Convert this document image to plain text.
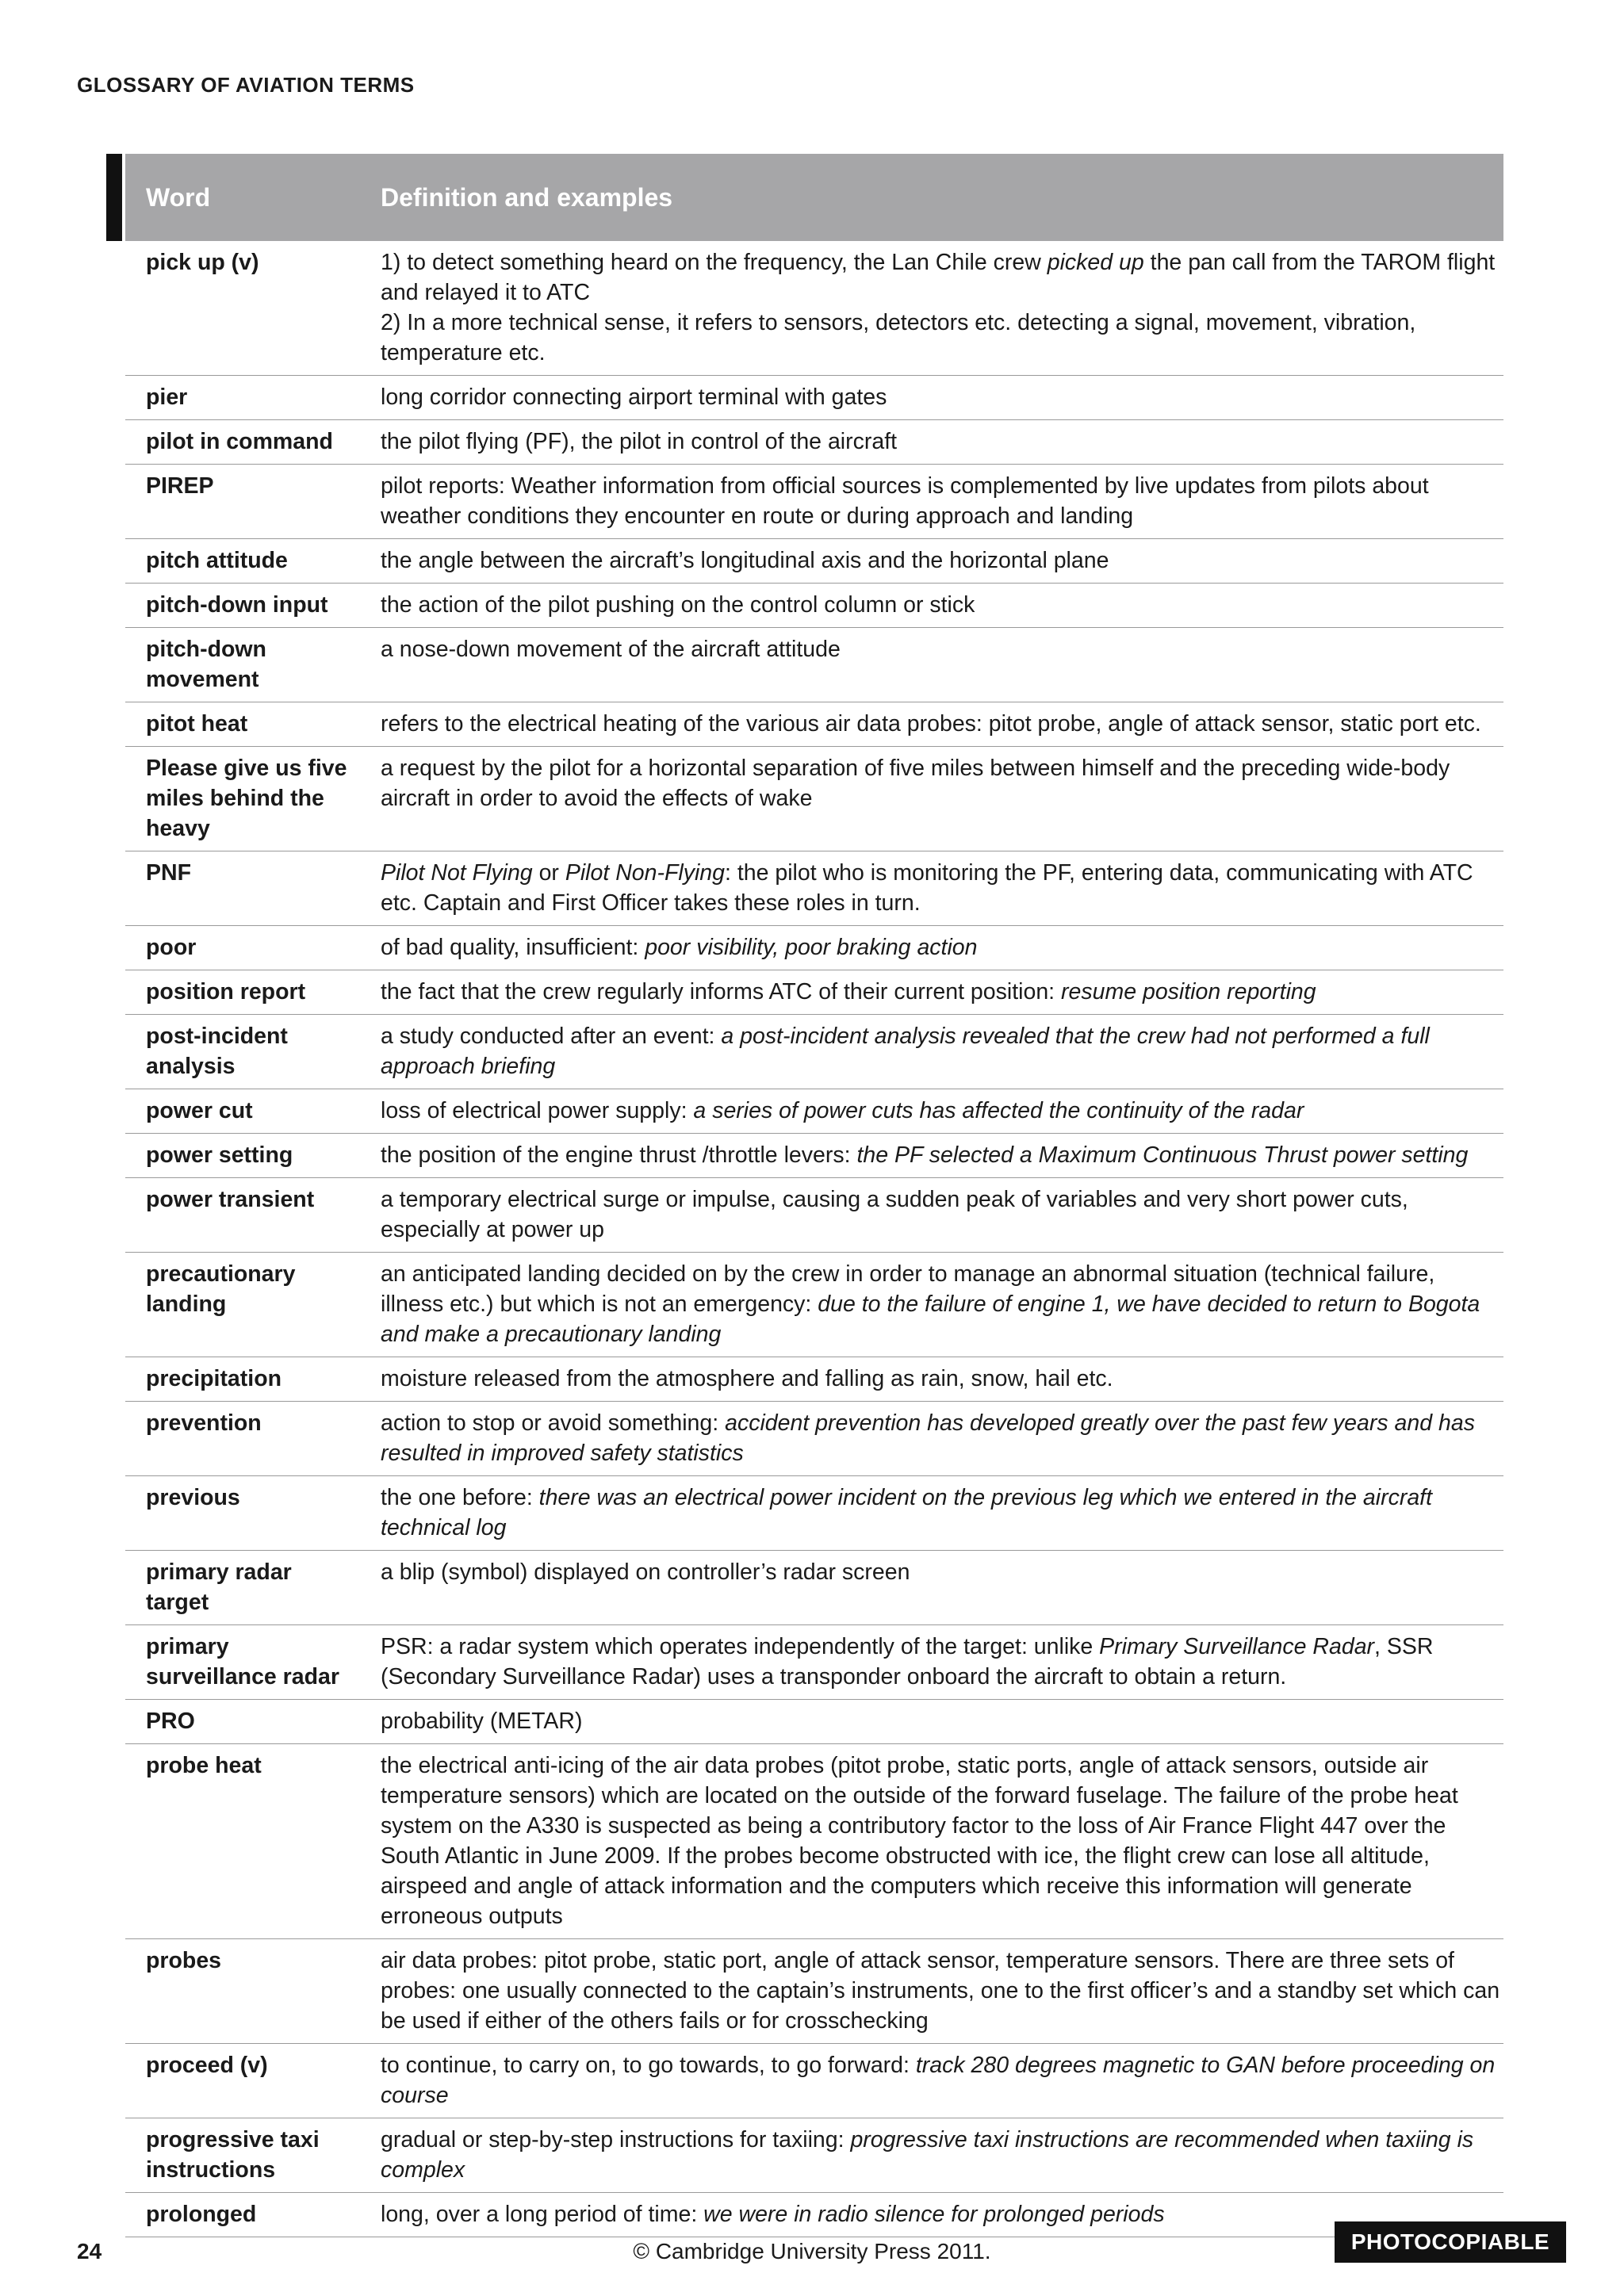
GLOSSARY OF AVIATION TERMS
Word	Definition and examples
pick up (v)	1) to detect something heard on the frequency, the Lan Chile crew picked up the pan call from the TAROM flight and relayed it to ATC
2) In a more technical sense, it refers to sensors, detectors etc. detecting a signal, movement, vibration, temperature etc.
pier	long corridor connecting airport terminal with gates
pilot in command	the pilot flying (PF), the pilot in control of the aircraft
PIREP	pilot reports: Weather information from official sources is complemented by live updates from pilots about weather conditions they encounter en route or during approach and landing
pitch attitude	the angle between the aircraft’s longitudinal axis and the horizontal plane
pitch-down input	the action of the pilot pushing on the control column or stick
pitch-down movement	a nose-down movement of the aircraft attitude
pitot heat	refers to the electrical heating of the various air data probes: pitot probe, angle of attack sensor, static port etc.
Please give us five miles behind the heavy	a request by the pilot for a horizontal separation of five miles between himself and the preceding wide-body aircraft in order to avoid the effects of wake
PNF	Pilot Not Flying or Pilot Non-Flying: the pilot who is monitoring the PF, entering data, communicating with ATC etc. Captain and First Officer takes these roles in turn.
poor	of bad quality, insufficient: poor visibility, poor braking action
position report	the fact that the crew regularly informs ATC of their current position: resume position reporting
post-incident analysis	a study conducted after an event: a post-incident analysis revealed that the crew had not performed a full approach briefing
power cut	loss of electrical power supply: a series of power cuts has affected the continuity of the radar
power setting	the position of the engine thrust /throttle levers: the PF selected a Maximum Continuous Thrust power setting
power transient	a temporary electrical surge or impulse, causing a sudden peak of variables and very short power cuts, especially at power up
precautionary landing	an anticipated landing decided on by the crew in order to manage an abnormal situation (technical failure, illness etc.) but which is not an emergency: due to the failure of engine 1, we have decided to return to Bogota and make a precautionary landing
precipitation	moisture released from the atmosphere and falling as rain, snow, hail etc.
prevention	action to stop or avoid something: accident prevention has developed greatly over the past few years and has resulted in improved safety statistics
previous	the one before: there was an electrical power incident on the previous leg which we entered in the aircraft technical log
primary radar target	a blip (symbol) displayed on controller’s radar screen
primary surveillance radar	PSR: a radar system which operates independently of the target: unlike Primary Surveillance Radar, SSR (Secondary Surveillance Radar) uses a transponder onboard the aircraft to obtain a return.
PRO	probability (METAR)
probe heat	the electrical anti-icing of the air data probes (pitot probe, static ports, angle of attack sensors, outside air temperature sensors) which are located on the outside of the forward fuselage. The failure of the probe heat system on the A330 is suspected as being a contributory factor to the loss of Air France Flight 447 over the South Atlantic in June 2009. If the probes become obstructed with ice, the flight crew can lose all altitude, airspeed and angle of attack information and the computers which receive this information will generate erroneous outputs
probes	air data probes: pitot probe, static port, angle of attack sensor, temperature sensors. There are three sets of probes: one usually connected to the captain’s instruments, one to the first officer’s and a standby set which can be used if either of the others fails or for crosschecking
proceed (v)	to continue, to carry on, to go towards, to go forward: track 280 degrees magnetic to GAN before proceeding on course
progressive taxi instructions	gradual or step-by-step instructions for taxiing: progressive taxi instructions are recommended when taxiing is complex
prolonged	long, over a long period of time: we were in radio silence for prolonged periods
24	© Cambridge University Press 2011.	PHOTOCOPIABLE
